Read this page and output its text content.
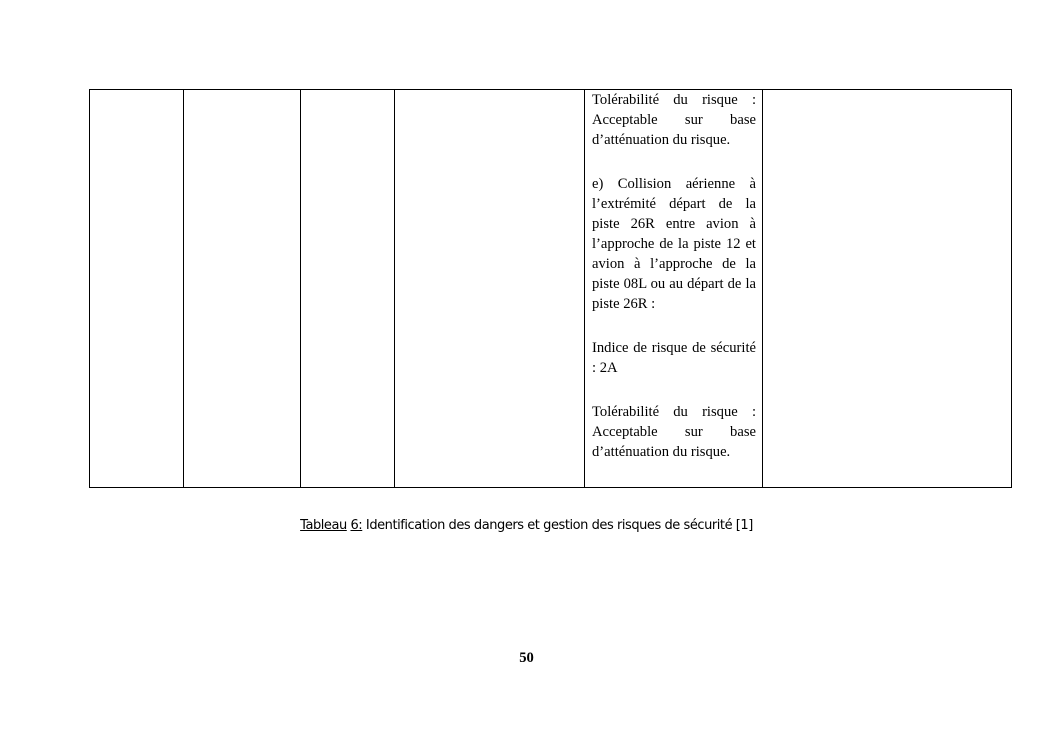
Tolérabilité du risque : Acceptable sur base d’atténuation du risque.

e) Collision aérienne à l’extrémité départ de la piste 26R entre avion à l’approche de la piste 12 et avion à l’approche de la piste 08L ou au départ de la piste 26R :

Indice de risque de sécurité : 2A

Tolérabilité du risque : Acceptable sur base d’atténuation du risque.

Tableau 6: Identification des dangers et gestion des risques de sécurité [1]
50
